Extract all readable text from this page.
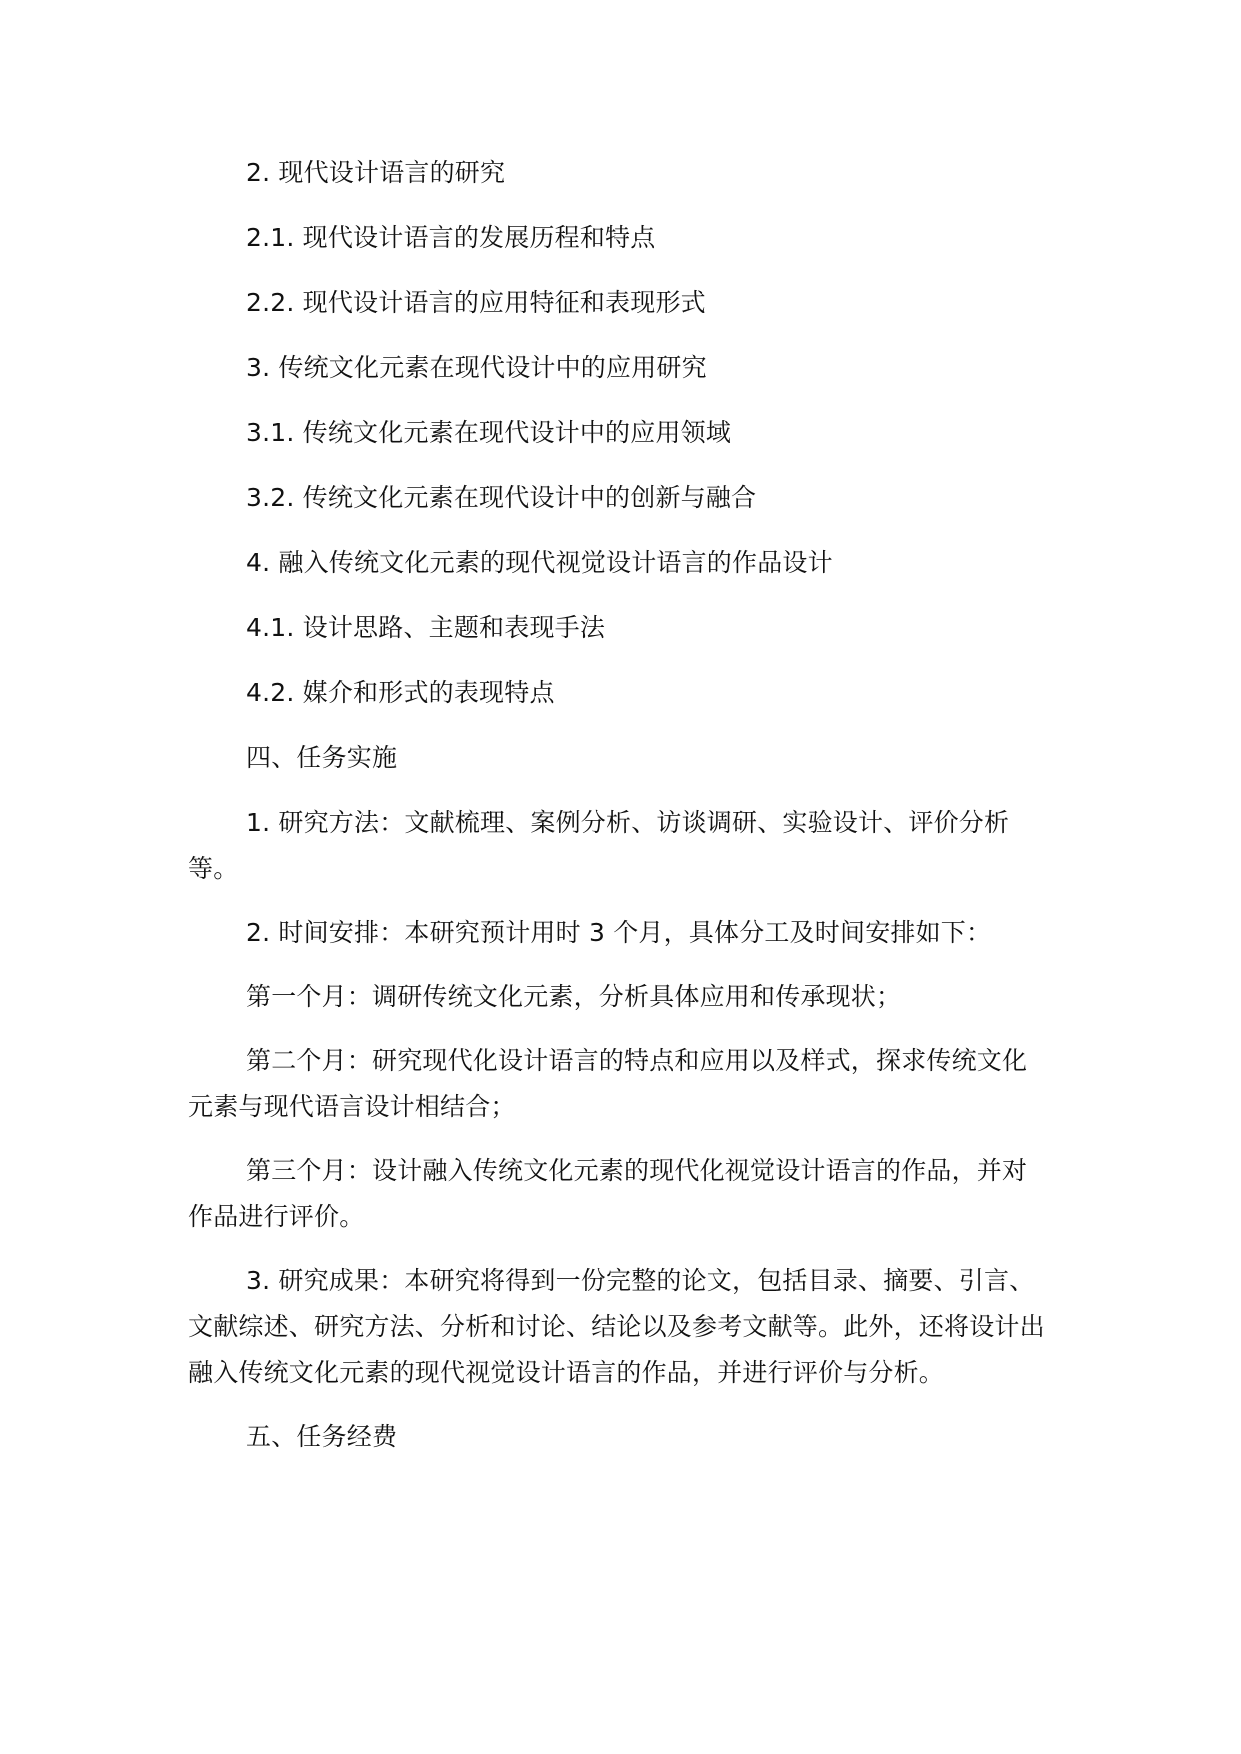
2. 现代设计语言的研究

2.1. 现代设计语言的发展历程和特点

2.2. 现代设计语言的应用特征和表现形式

3. 传统文化元素在现代设计中的应用研究

3.1. 传统文化元素在现代设计中的应用领域

3.2. 传统文化元素在现代设计中的创新与融合

4. 融入传统文化元素的现代视觉设计语言的作品设计

4.1. 设计思路、主题和表现手法

4.2. 媒介和形式的表现特点

四、任务实施

1. 研究方法：文献梳理、案例分析、访谈调研、实验设计、评价分析等。

2. 时间安排：本研究预计用时 3 个月，具体分工及时间安排如下：

第一个月：调研传统文化元素，分析具体应用和传承现状；

第二个月：研究现代化设计语言的特点和应用以及样式，探求传统文化元素与现代语言设计相结合；

第三个月：设计融入传统文化元素的现代化视觉设计语言的作品，并对作品进行评价。

3. 研究成果：本研究将得到一份完整的论文，包括目录、摘要、引言、文献综述、研究方法、分析和讨论、结论以及参考文献等。此外，还将设计出融入传统文化元素的现代视觉设计语言的作品，并进行评价与分析。

五、任务经费
